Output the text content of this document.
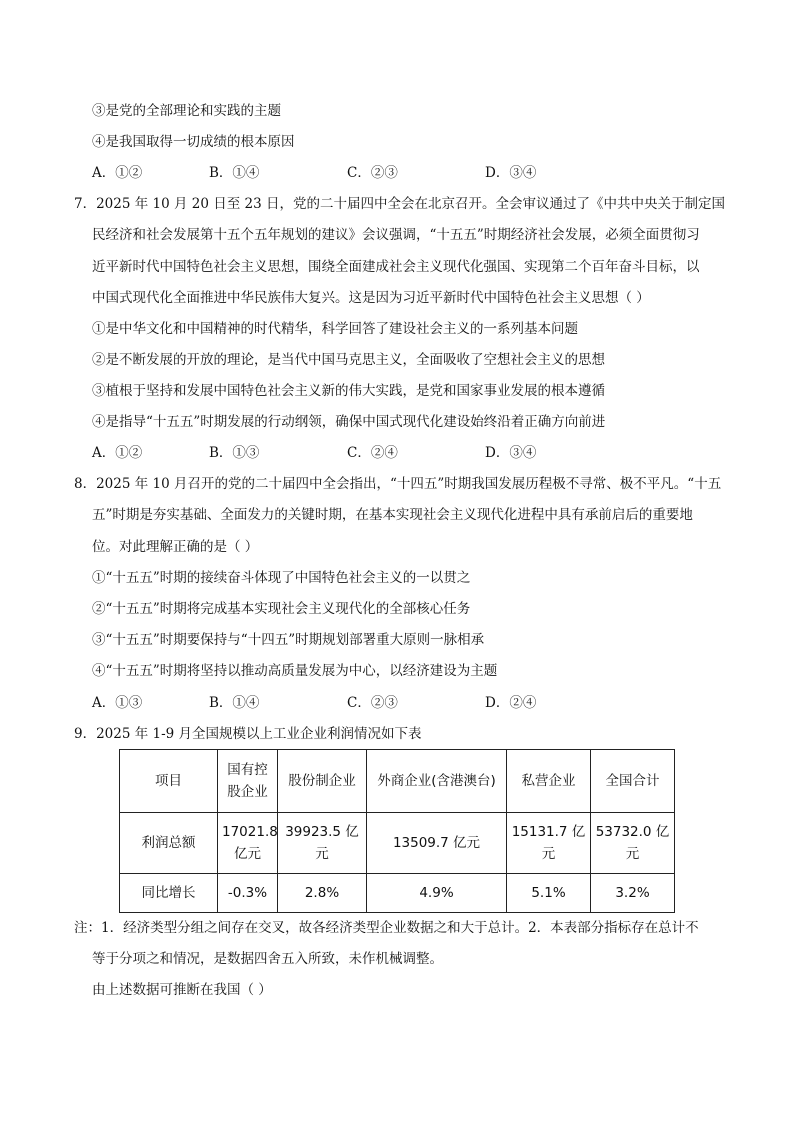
③是党的全部理论和实践的主题
④是我国取得一切成绩的根本原因
A．①②	B．①④	C．②③	D．③④
7．2025 年 10 月 20 日至 23 日，党的二十届四中全会在北京召开。全会审议通过了《中共中央关于制定国
民经济和社会发展第十五个五年规划的建议》会议强调，“十五五”时期经济社会发展，必须全面贯彻习
近平新时代中国特色社会主义思想，围绕全面建成社会主义现代化强国、实现第二个百年奋斗目标，以
中国式现代化全面推进中华民族伟大复兴。这是因为习近平新时代中国特色社会主义思想（ ）
①是中华文化和中国精神的时代精华，科学回答了建设社会主义的一系列基本问题
②是不断发展的开放的理论，是当代中国马克思主义，全面吸收了空想社会主义的思想
③植根于坚持和发展中国特色社会主义新的伟大实践，是党和国家事业发展的根本遵循
④是指导“十五五”时期发展的行动纲领，确保中国式现代化建设始终沿着正确方向前进
A．①②	B．①③	C．②④	D．③④
8．2025 年 10 月召开的党的二十届四中全会指出，“十四五”时期我国发展历程极不寻常、极不平凡。“十五
五”时期是夯实基础、全面发力的关键时期，在基本实现社会主义现代化进程中具有承前启后的重要地
位。对此理解正确的是（ ）
①“十五五”时期的接续奋斗体现了中国特色社会主义的一以贯之
②“十五五”时期将完成基本实现社会主义现代化的全部核心任务
③“十五五”时期要保持与“十四五”时期规划部署重大原则一脉相承
④“十五五”时期将坚持以推动高质量发展为中心，以经济建设为主题
A．①③	B．①④	C．②③	D．②④
9．2025 年 1-9 月全国规模以上工业企业利润情况如下表
项目	国有控股企业	股份制企业	外商企业(含港澳台)	私营企业	全国合计
利润总额	17021.8亿元	39923.5 亿元	13509.7 亿元	15131.7 亿元	53732.0 亿元
同比增长	-0.3%	2.8%	4.9%	5.1%	3.2%
注：1．经济类型分组之间存在交叉，故各经济类型企业数据之和大于总计。2．本表部分指标存在总计不
等于分项之和情况，是数据四舍五入所致，未作机械调整。
由上述数据可推断在我国（ ）
